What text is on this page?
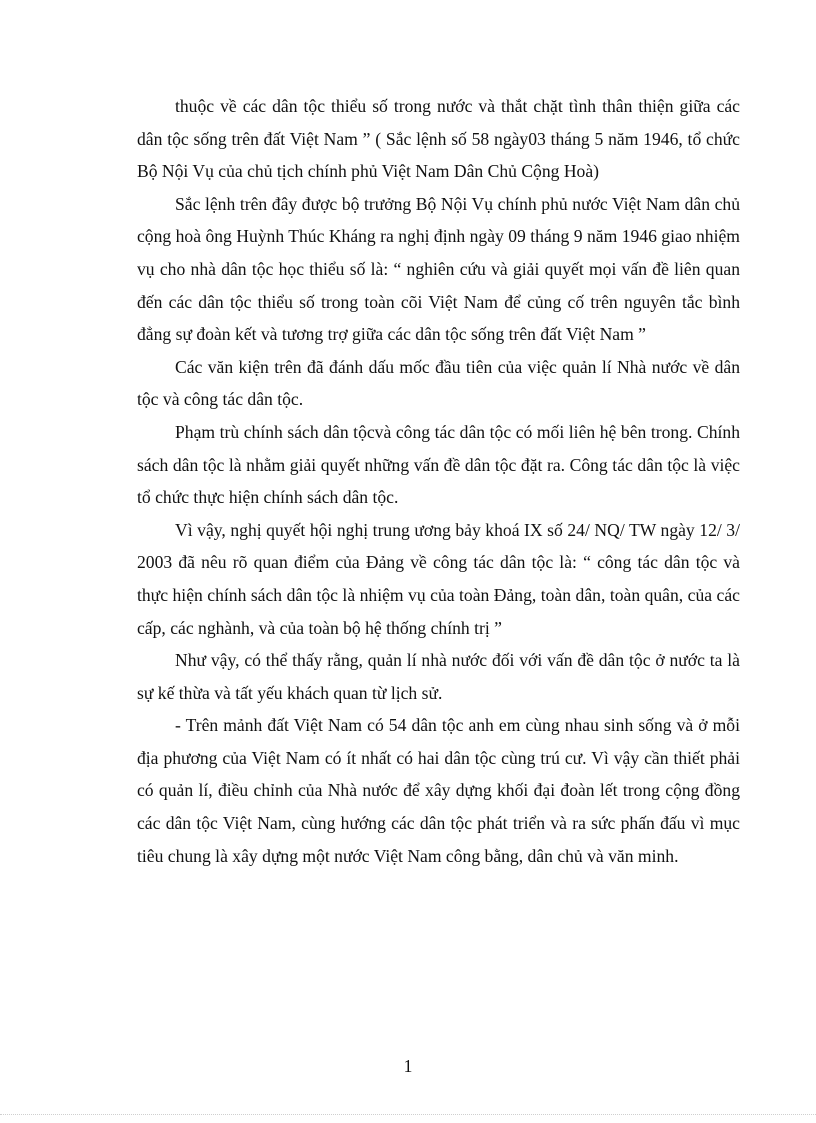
thuộc về các dân tộc thiểu số trong nước và thắt chặt tình thân thiện giữa các dân tộc sống trên đất Việt Nam ” ( Sắc lệnh số 58 ngày03 tháng 5 năm 1946, tổ chức Bộ Nội Vụ của chủ tịch chính phủ Việt Nam Dân Chủ Cộng Hoà)

Sắc lệnh trên đây được bộ trưởng Bộ Nội Vụ chính phủ nước Việt Nam dân chủ cộng hoà ông Huỳnh Thúc Kháng ra nghị định ngày 09 tháng 9 năm 1946 giao nhiệm vụ cho nhà dân tộc học thiểu số là: “ nghiên cứu và giải quyết mọi vấn đề liên quan đến các dân tộc thiểu số trong toàn cõi Việt Nam để củng cố trên nguyên tắc bình đẳng sự đoàn kết và tương trợ giữa các dân tộc sống trên đất Việt Nam ”

Các văn kiện trên đã đánh dấu mốc đầu tiên của việc quản lí Nhà nước về dân tộc và công tác dân tộc.

Phạm trù chính sách dân tộcvà công tác dân tộc có mối liên hệ bên trong. Chính sách dân tộc là nhằm giải quyết những vấn đề dân tộc đặt ra. Công tác dân tộc là việc tổ chức thực hiện chính sách dân tộc.

Vì vậy, nghị quyết hội nghị trung ương bảy khoá IX số 24/ NQ/ TW ngày 12/ 3/ 2003 đã nêu rõ quan điểm của Đảng về công tác dân tộc là: “ công tác dân tộc và thực hiện chính sách dân tộc là nhiệm vụ của toàn Đảng, toàn dân, toàn quân, của các cấp, các nghành, và của toàn bộ hệ thống chính trị ”

Như vậy, có thể thấy rằng, quản lí nhà nước đối với vấn đề dân tộc ở nước ta là sự kế thừa và tất yếu khách quan từ lịch sử.

- Trên mảnh đất Việt Nam có 54 dân tộc anh em cùng nhau sinh sống và ở mỗi địa phương của Việt Nam có ít nhất có hai dân tộc cùng trú cư. Vì vậy cần thiết phải có quản lí, điều chỉnh của Nhà nước để xây dựng khối đại đoàn lết trong cộng đồng các dân tộc Việt Nam, cùng hướng các dân tộc phát triển và ra sức phấn đấu vì mục tiêu chung là xây dựng một nước Việt Nam công bằng, dân chủ và văn minh.

1
